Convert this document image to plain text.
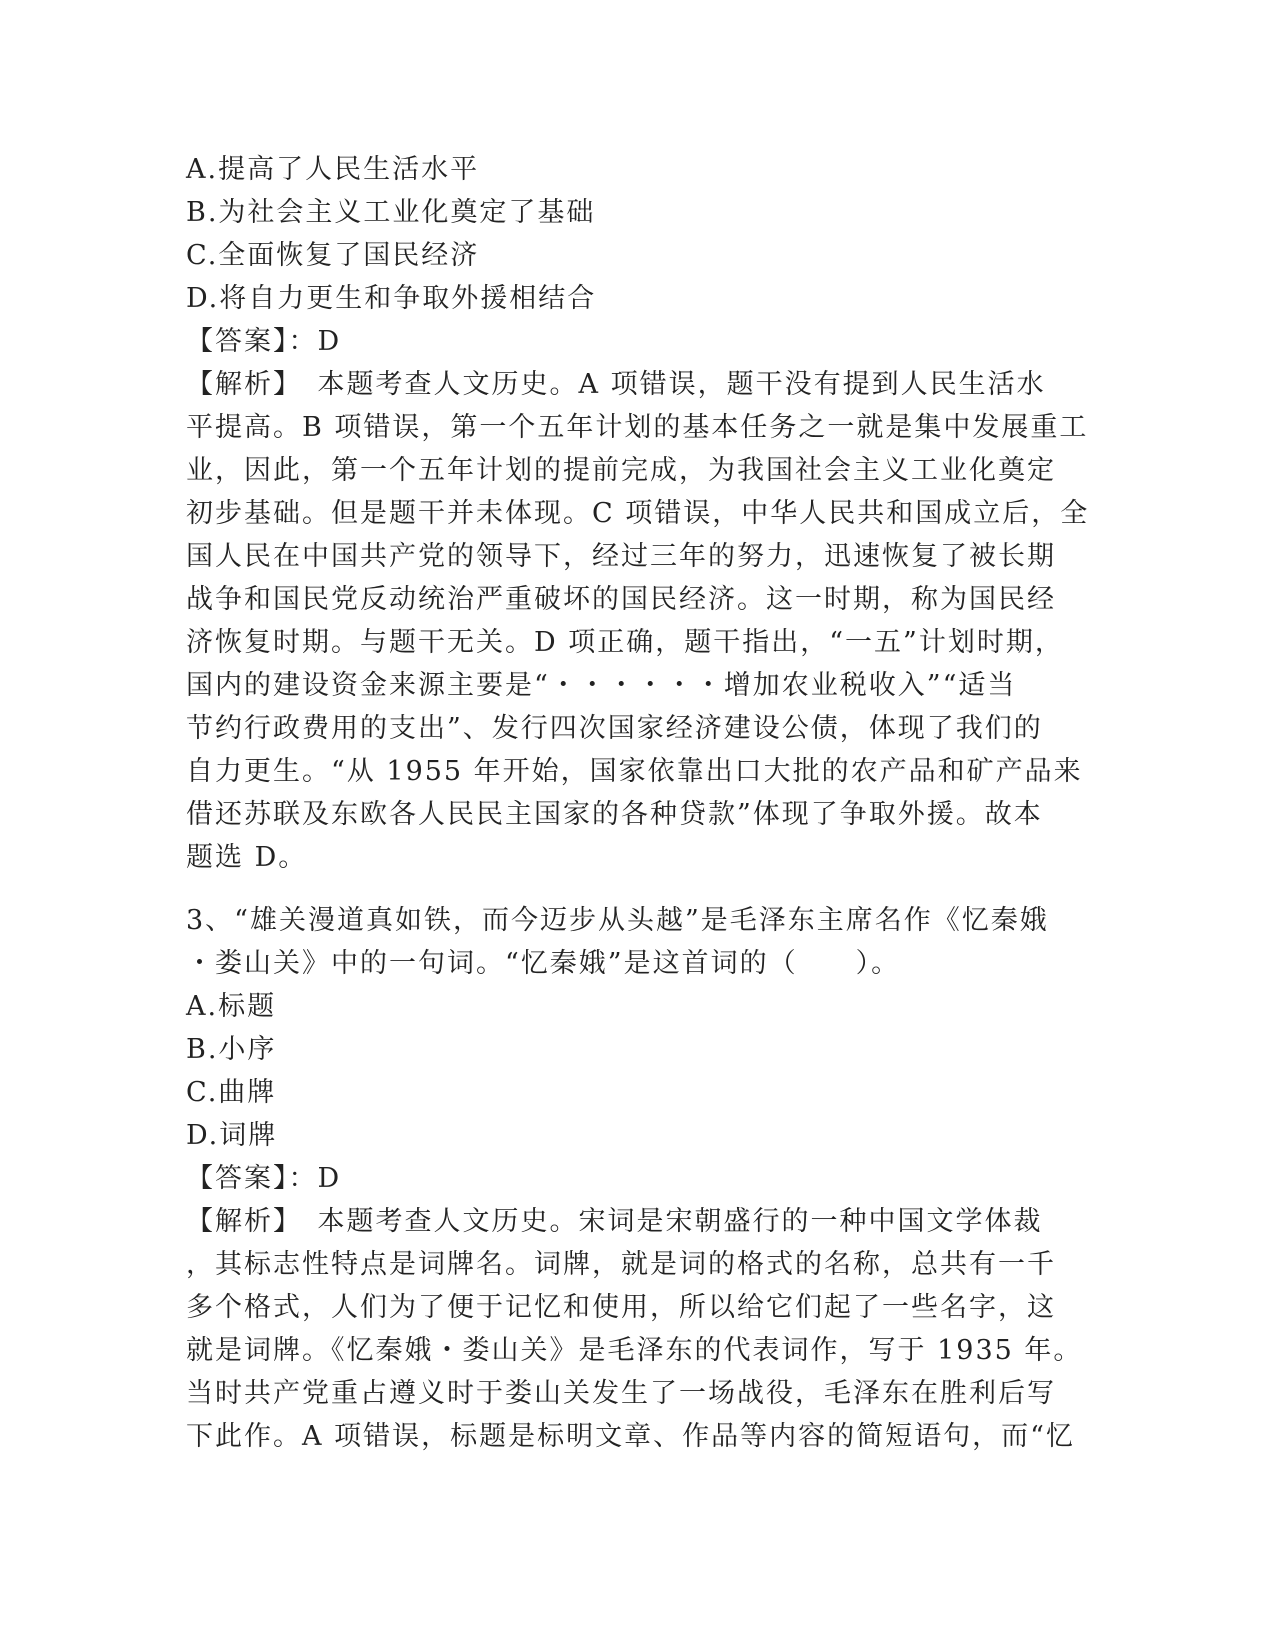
A.提高了人民生活水平
B.为社会主义工业化奠定了基础
C.全面恢复了国民经济
D.将自力更生和争取外援相结合
【答案】：D
【解析】　本题考查人文历史。A 项错误，题干没有提到人民生活水
平提高。B 项错误，第一个五年计划的基本任务之一就是集中发展重工
业，因此，第一个五年计划的提前完成，为我国社会主义工业化奠定
初步基础。但是题干并未体现。C 项错误，中华人民共和国成立后，全
国人民在中国共产党的领导下，经过三年的努力，迅速恢复了被长期
战争和国民党反动统治严重破坏的国民经济。这一时期，称为国民经
济恢复时期。与题干无关。D 项正确，题干指出，“一五”计划时期，
国内的建设资金来源主要是“・・・・・・增加农业税收入”“适当
节约行政费用的支出”、发行四次国家经济建设公债，体现了我们的
自力更生。“从 1955 年开始，国家依靠出口大批的农产品和矿产品来
借还苏联及东欧各人民民主国家的各种贷款”体现了争取外援。故本
题选 D。
3、“雄关漫道真如铁，而今迈步从头越”是毛泽东主席名作《忆秦娥
・娄山关》中的一句词。“忆秦娥”是这首词的（　　）。
A.标题
B.小序
C.曲牌
D.词牌
【答案】：D
【解析】　本题考查人文历史。宋词是宋朝盛行的一种中国文学体裁
，其标志性特点是词牌名。词牌，就是词的格式的名称，总共有一千
多个格式，人们为了便于记忆和使用，所以给它们起了一些名字，这
就是词牌。《忆秦娥・娄山关》是毛泽东的代表词作，写于 1935 年。
当时共产党重占遵义时于娄山关发生了一场战役，毛泽东在胜利后写
下此作。A 项错误，标题是标明文章、作品等内容的简短语句，而“忆
